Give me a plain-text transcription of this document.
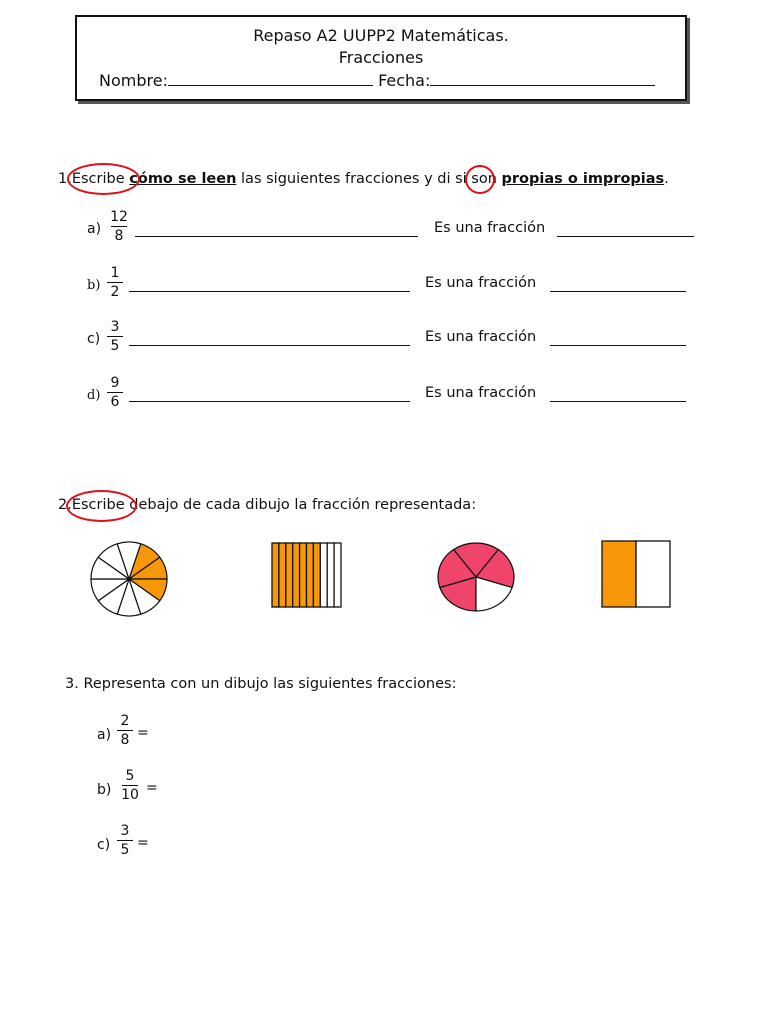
Repaso A2 UUPP2 Matemáticas.
Fracciones
Nombre:	Fecha:
1.Escribe cómo se leen las siguientes fracciones y di si son propias o impropias.
a)
12
8	Es una fracción
b)
1
2
Es una fracción
c)
3
5
Es una fracción
d)
9
6
Es una fracción
2.Escribe debajo de cada dibujo la fracción representada:
3. Representa con un dibujo las siguientes fracciones:
a)
2
8 =
b)
5
10 =
c)
3
5 =
